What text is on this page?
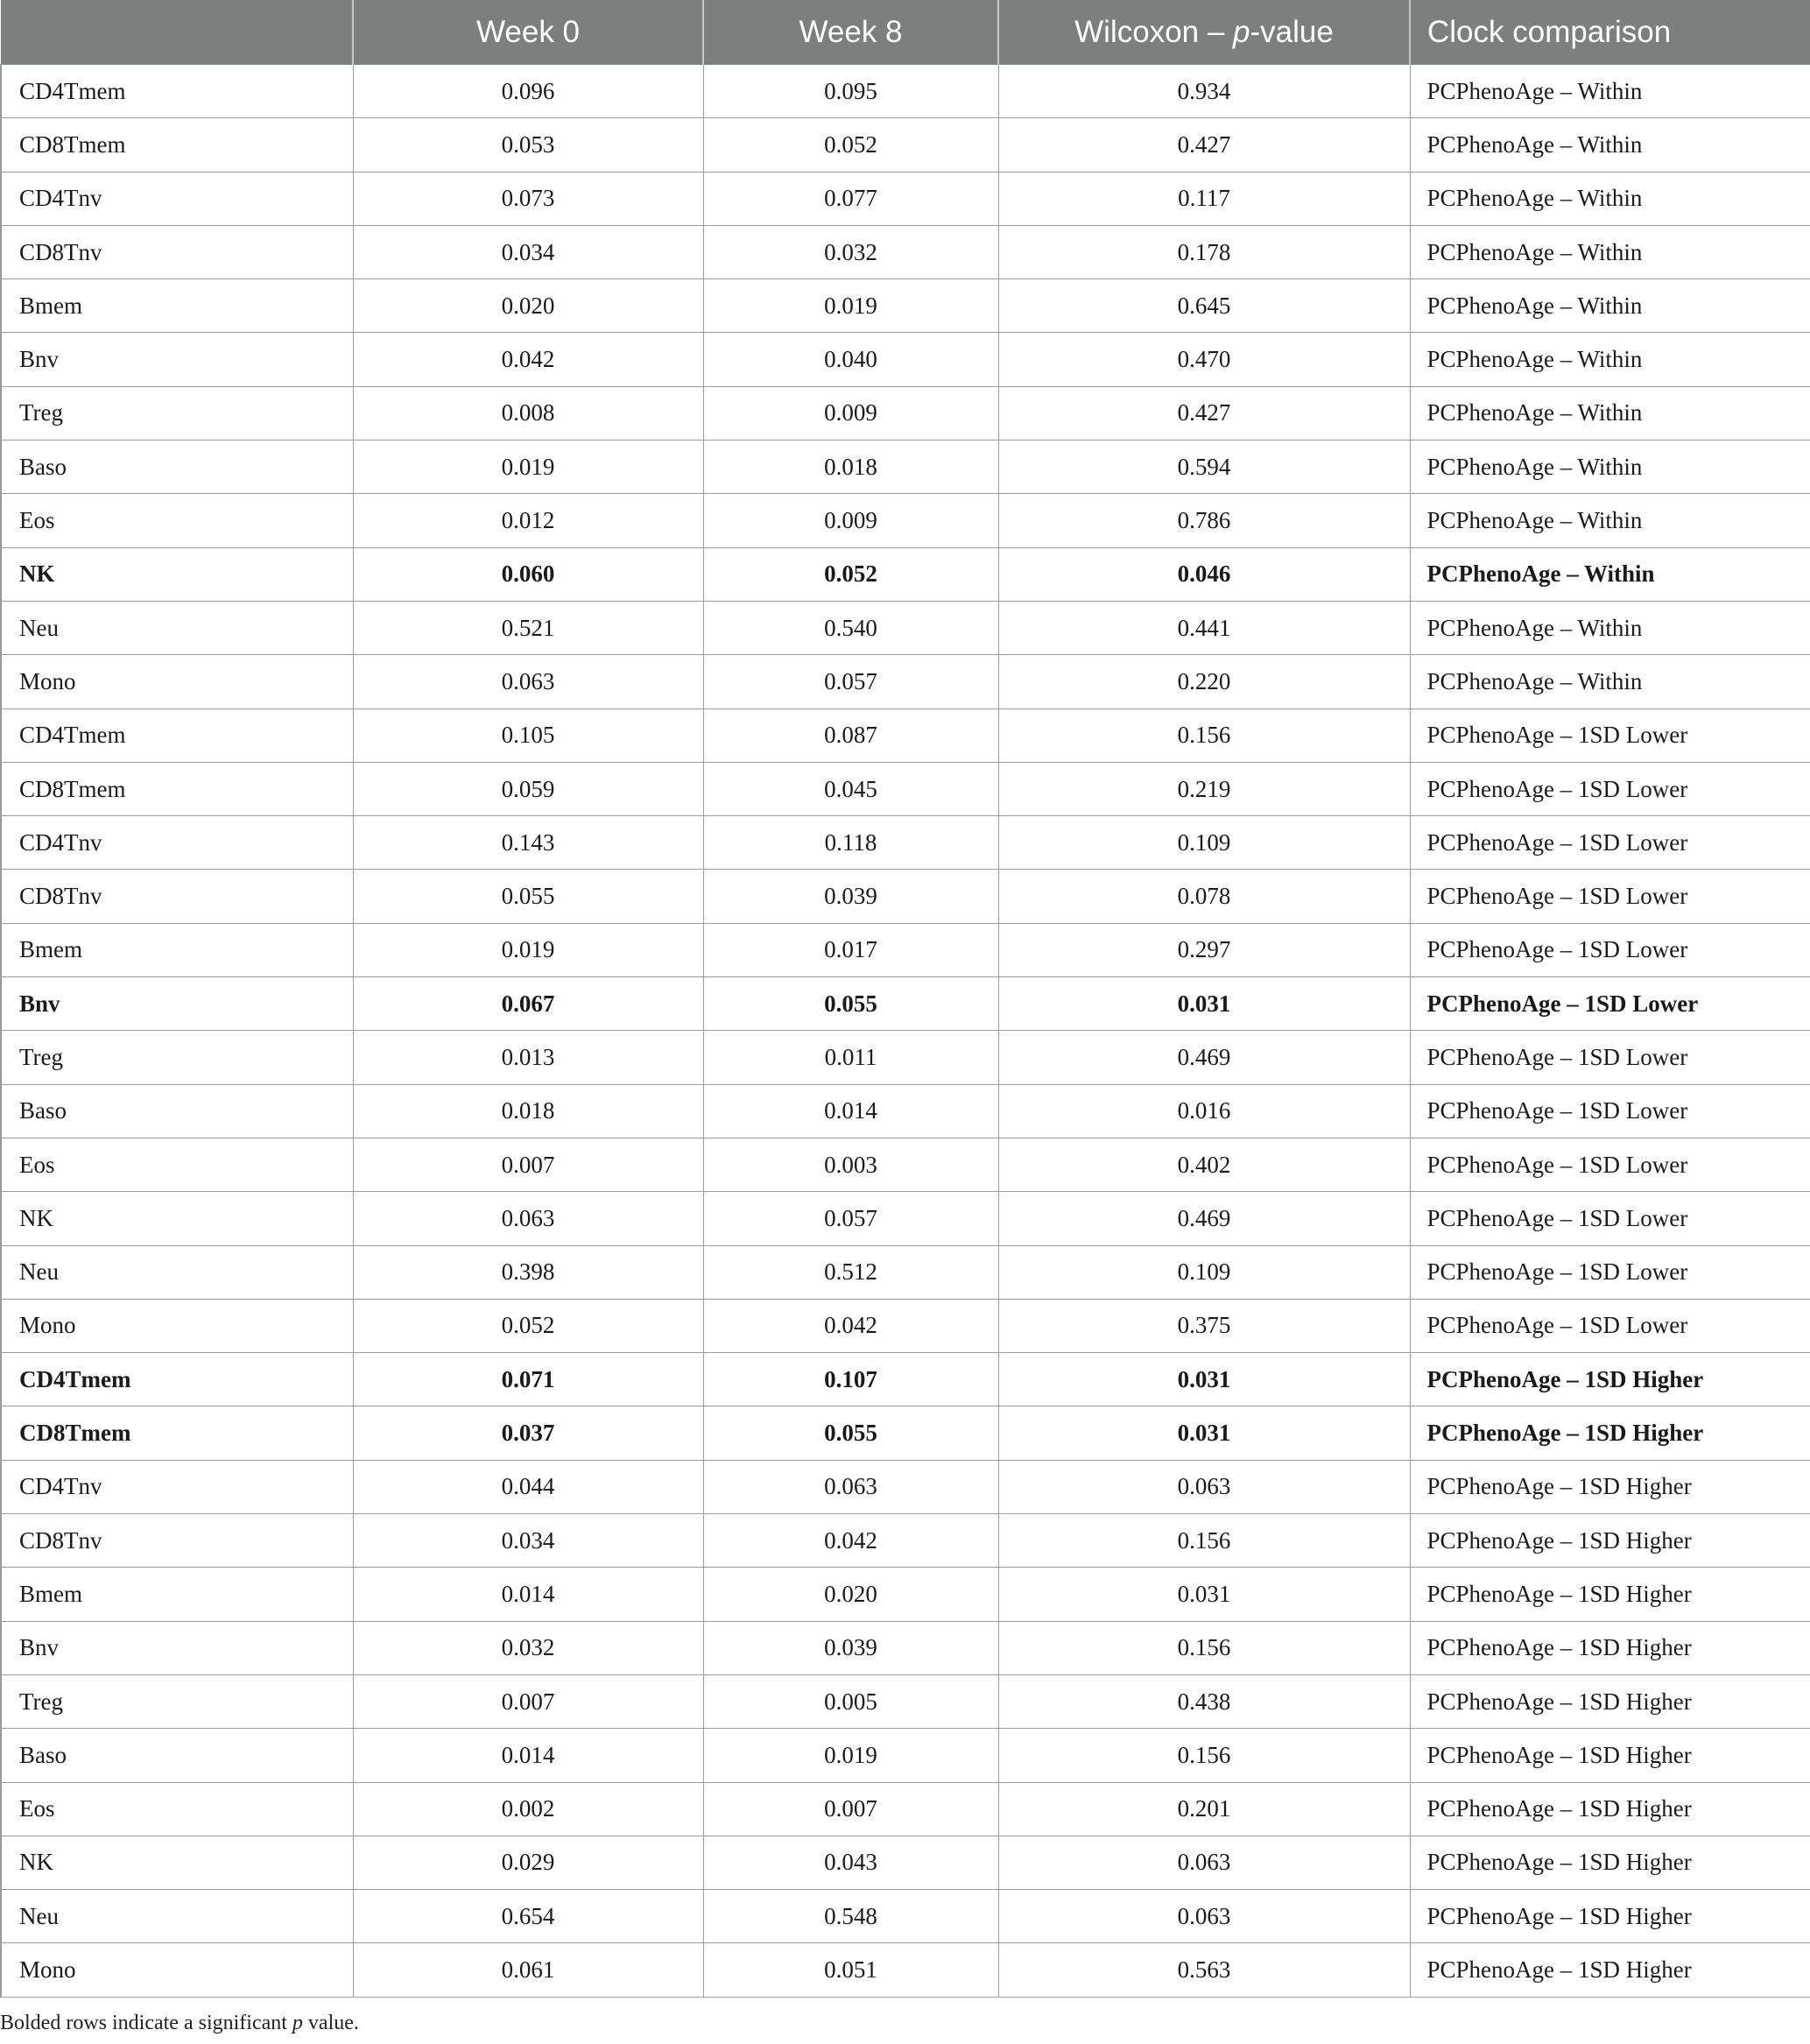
	Week 0	Week 8	Wilcoxon – p-value	Clock comparison
CD4Tmem	0.096	0.095	0.934	PCPhenoAge – Within
CD8Tmem	0.053	0.052	0.427	PCPhenoAge – Within
CD4Tnv	0.073	0.077	0.117	PCPhenoAge – Within
CD8Tnv	0.034	0.032	0.178	PCPhenoAge – Within
Bmem	0.020	0.019	0.645	PCPhenoAge – Within
Bnv	0.042	0.040	0.470	PCPhenoAge – Within
Treg	0.008	0.009	0.427	PCPhenoAge – Within
Baso	0.019	0.018	0.594	PCPhenoAge – Within
Eos	0.012	0.009	0.786	PCPhenoAge – Within
NK	0.060	0.052	0.046	PCPhenoAge – Within
Neu	0.521	0.540	0.441	PCPhenoAge – Within
Mono	0.063	0.057	0.220	PCPhenoAge – Within
CD4Tmem	0.105	0.087	0.156	PCPhenoAge – 1SD Lower
CD8Tmem	0.059	0.045	0.219	PCPhenoAge – 1SD Lower
CD4Tnv	0.143	0.118	0.109	PCPhenoAge – 1SD Lower
CD8Tnv	0.055	0.039	0.078	PCPhenoAge – 1SD Lower
Bmem	0.019	0.017	0.297	PCPhenoAge – 1SD Lower
Bnv	0.067	0.055	0.031	PCPhenoAge – 1SD Lower
Treg	0.013	0.011	0.469	PCPhenoAge – 1SD Lower
Baso	0.018	0.014	0.016	PCPhenoAge – 1SD Lower
Eos	0.007	0.003	0.402	PCPhenoAge – 1SD Lower
NK	0.063	0.057	0.469	PCPhenoAge – 1SD Lower
Neu	0.398	0.512	0.109	PCPhenoAge – 1SD Lower
Mono	0.052	0.042	0.375	PCPhenoAge – 1SD Lower
CD4Tmem	0.071	0.107	0.031	PCPhenoAge – 1SD Higher
CD8Tmem	0.037	0.055	0.031	PCPhenoAge – 1SD Higher
CD4Tnv	0.044	0.063	0.063	PCPhenoAge – 1SD Higher
CD8Tnv	0.034	0.042	0.156	PCPhenoAge – 1SD Higher
Bmem	0.014	0.020	0.031	PCPhenoAge – 1SD Higher
Bnv	0.032	0.039	0.156	PCPhenoAge – 1SD Higher
Treg	0.007	0.005	0.438	PCPhenoAge – 1SD Higher
Baso	0.014	0.019	0.156	PCPhenoAge – 1SD Higher
Eos	0.002	0.007	0.201	PCPhenoAge – 1SD Higher
NK	0.029	0.043	0.063	PCPhenoAge – 1SD Higher
Neu	0.654	0.548	0.063	PCPhenoAge – 1SD Higher
Mono	0.061	0.051	0.563	PCPhenoAge – 1SD Higher
Bolded rows indicate a significant p value.
